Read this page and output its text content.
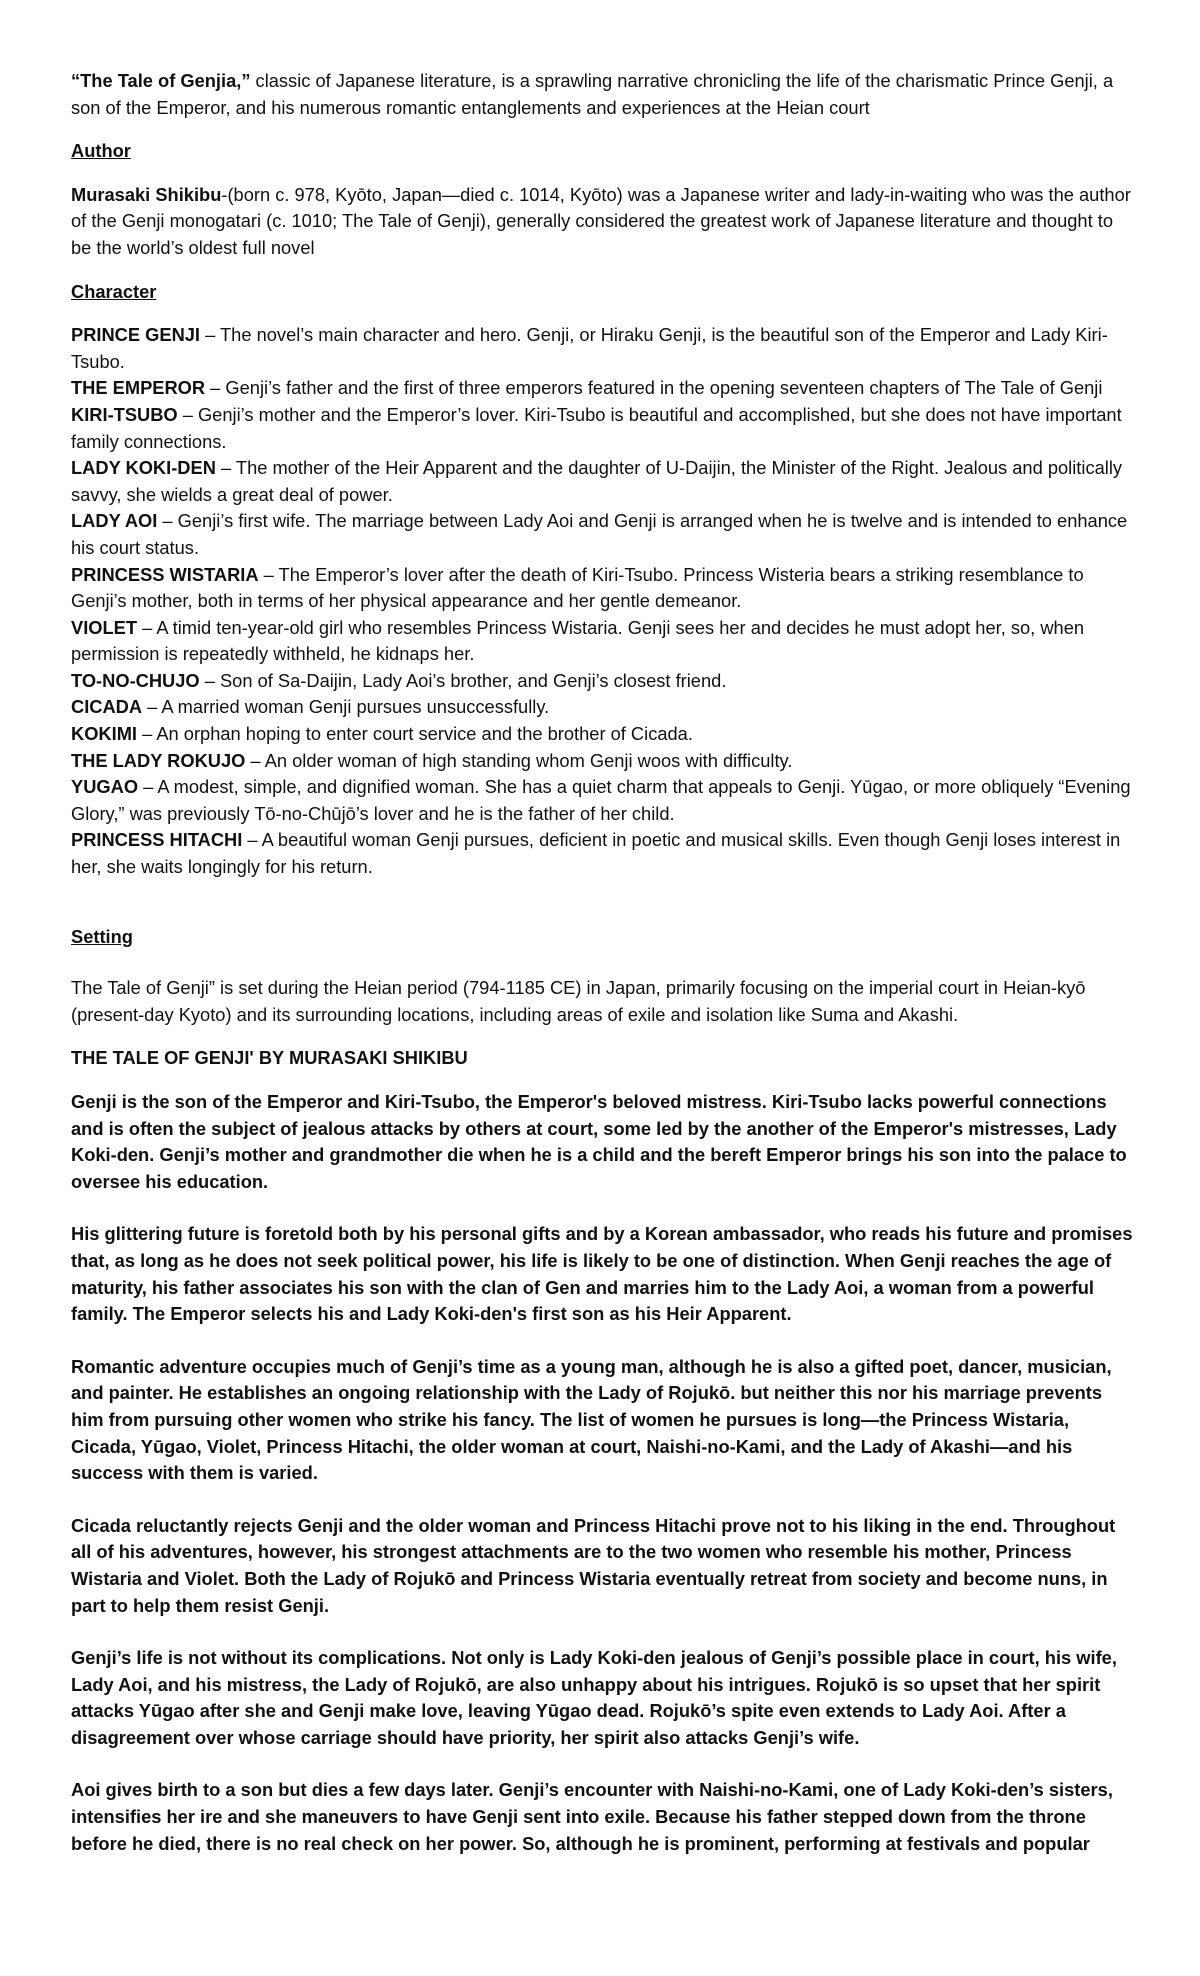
“The Tale of Genjia,” classic of Japanese literature, is a sprawling narrative chronicling the life of the charismatic Prince Genji, a son of the Emperor, and his numerous romantic entanglements and experiences at the Heian court

Author

Murasaki Shikibu-(born c. 978, Kyōto, Japan—died c. 1014, Kyōto) was a Japanese writer and lady-in-waiting who was the author of the Genji monogatari (c. 1010; The Tale of Genji), generally considered the greatest work of Japanese literature and thought to be the world’s oldest full novel

Character

PRINCE GENJI – The novel’s main character and hero. Genji, or Hiraku Genji, is the beautiful son of the Emperor and Lady Kiri-Tsubo.

THE EMPEROR – Genji’s father and the first of three emperors featured in the opening seventeen chapters of The Tale of Genji

KIRI-TSUBO – Genji’s mother and the Emperor’s lover. Kiri-Tsubo is beautiful and accomplished, but she does not have important family connections.

LADY KOKI-DEN – The mother of the Heir Apparent and the daughter of U-Daijin, the Minister of the Right. Jealous and politically savvy, she wields a great deal of power.

LADY AOI – Genji’s first wife. The marriage between Lady Aoi and Genji is arranged when he is twelve and is intended to enhance his court status.

PRINCESS WISTARIA – The Emperor’s lover after the death of Kiri-Tsubo. Princess Wisteria bears a striking resemblance to Genji’s mother, both in terms of her physical appearance and her gentle demeanor.

VIOLET – A timid ten-year-old girl who resembles Princess Wistaria. Genji sees her and decides he must adopt her, so, when permission is repeatedly withheld, he kidnaps her.

TO-NO-CHUJO – Son of Sa-Daijin, Lady Aoi’s brother, and Genji’s closest friend.

CICADA – A married woman Genji pursues unsuccessfully.

KOKIMI – An orphan hoping to enter court service and the brother of Cicada.

THE LADY ROKUJO – An older woman of high standing whom Genji woos with difficulty.

YUGAO – A modest, simple, and dignified woman. She has a quiet charm that appeals to Genji. Yūgao, or more obliquely “Evening Glory,” was previously Tō-no-Chūjō’s lover and he is the father of her child.

PRINCESS HITACHI – A beautiful woman Genji pursues, deficient in poetic and musical skills. Even though Genji loses interest in her, she waits longingly for his return.

Setting

The Tale of Genji” is set during the Heian period (794-1185 CE) in Japan, primarily focusing on the imperial court in Heian-kyō (present-day Kyoto) and its surrounding locations, including areas of exile and isolation like Suma and Akashi.

THE TALE OF GENJI' BY MURASAKI SHIKIBU

Genji is the son of the Emperor and Kiri-Tsubo, the Emperor's beloved mistress. Kiri-Tsubo lacks powerful connections and is often the subject of jealous attacks by others at court, some led by the another of the Emperor's mistresses, Lady Koki-den. Genji’s mother and grandmother die when he is a child and the bereft Emperor brings his son into the palace to oversee his education.

His glittering future is foretold both by his personal gifts and by a Korean ambassador, who reads his future and promises that, as long as he does not seek political power, his life is likely to be one of distinction. When Genji reaches the age of maturity, his father associates his son with the clan of Gen and marries him to the Lady Aoi, a woman from a powerful family. The Emperor selects his and Lady Koki-den's first son as his Heir Apparent.

Romantic adventure occupies much of Genji’s time as a young man, although he is also a gifted poet, dancer, musician, and painter. He establishes an ongoing relationship with the Lady of Rojukō. but neither this nor his marriage prevents him from pursuing other women who strike his fancy. The list of women he pursues is long—the Princess Wistaria, Cicada, Yūgao, Violet, Princess Hitachi, the older woman at court, Naishi-no-Kami, and the Lady of Akashi—and his success with them is varied.

Cicada reluctantly rejects Genji and the older woman and Princess Hitachi prove not to his liking in the end. Throughout all of his adventures, however, his strongest attachments are to the two women who resemble his mother, Princess Wistaria and Violet. Both the Lady of Rojukō and Princess Wistaria eventually retreat from society and become nuns, in part to help them resist Genji.

Genji’s life is not without its complications. Not only is Lady Koki-den jealous of Genji’s possible place in court, his wife, Lady Aoi, and his mistress, the Lady of Rojukō, are also unhappy about his intrigues. Rojukō is so upset that her spirit attacks Yūgao after she and Genji make love, leaving Yūgao dead. Rojukō’s spite even extends to Lady Aoi. After a disagreement over whose carriage should have priority, her spirit also attacks Genji’s wife.

Aoi gives birth to a son but dies a few days later. Genji’s encounter with Naishi-no-Kami, one of Lady Koki-den’s sisters, intensifies her ire and she maneuvers to have Genji sent into exile. Because his father stepped down from the throne before he died, there is no real check on her power. So, although he is prominent, performing at festivals and popular
